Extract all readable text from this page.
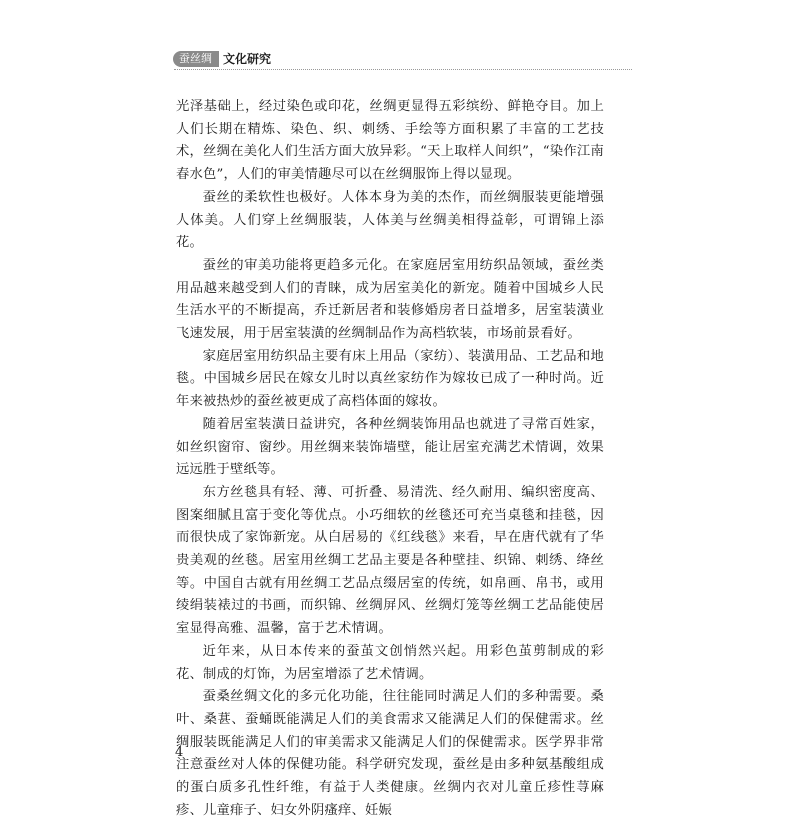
蚕丝绸 文化研究

光泽基础上，经过染色或印花，丝绸更显得五彩缤纷、鲜艳夺目。加上人们长期在精炼、染色、织、刺绣、手绘等方面积累了丰富的工艺技术，丝绸在美化人们生活方面大放异彩。“天上取样人间织”，“染作江南春水色”，人们的审美情趣尽可以在丝绸服饰上得以显现。

蚕丝的柔软性也极好。人体本身为美的杰作，而丝绸服装更能增强人体美。人们穿上丝绸服装，人体美与丝绸美相得益彰，可谓锦上添花。

蚕丝的审美功能将更趋多元化。在家庭居室用纺织品领域，蚕丝类用品越来越受到人们的青睐，成为居室美化的新宠。随着中国城乡人民生活水平的不断提高，乔迁新居者和装修婚房者日益增多，居室装潢业飞速发展，用于居室装潢的丝绸制品作为高档软装，市场前景看好。

家庭居室用纺织品主要有床上用品（家纺）、装潢用品、工艺品和地毯。中国城乡居民在嫁女儿时以真丝家纺作为嫁妆已成了一种时尚。近年来被热炒的蚕丝被更成了高档体面的嫁妆。

随着居室装潢日益讲究，各种丝绸装饰用品也就进了寻常百姓家，如丝织窗帘、窗纱。用丝绸来装饰墙壁，能让居室充满艺术情调，效果远远胜于壁纸等。

东方丝毯具有轻、薄、可折叠、易清洗、经久耐用、编织密度高、图案细腻且富于变化等优点。小巧细软的丝毯还可充当桌毯和挂毯，因而很快成了家饰新宠。从白居易的《红线毯》来看，早在唐代就有了华贵美观的丝毯。居室用丝绸工艺品主要是各种壁挂、织锦、刺绣、绛丝等。中国自古就有用丝绸工艺品点缀居室的传统，如帛画、帛书，或用绫绢装裱过的书画，而织锦、丝绸屏风、丝绸灯笼等丝绸工艺品能使居室显得高雅、温馨，富于艺术情调。

近年来，从日本传来的蚕茧文创悄然兴起。用彩色茧剪制成的彩花、制成的灯饰，为居室增添了艺术情调。

蚕桑丝绸文化的多元化功能，往往能同时满足人们的多种需要。桑叶、桑葚、蚕蛹既能满足人们的美食需求又能满足人们的保健需求。丝绸服装既能满足人们的审美需求又能满足人们的保健需求。医学界非常注意蚕丝对人体的保健功能。科学研究发现，蚕丝是由多种氨基酸组成的蛋白质多孔性纤维，有益于人类健康。丝绸内衣对儿童丘疹性荨麻疹、儿童痱子、妇女外阴瘙痒、妊娠

4
